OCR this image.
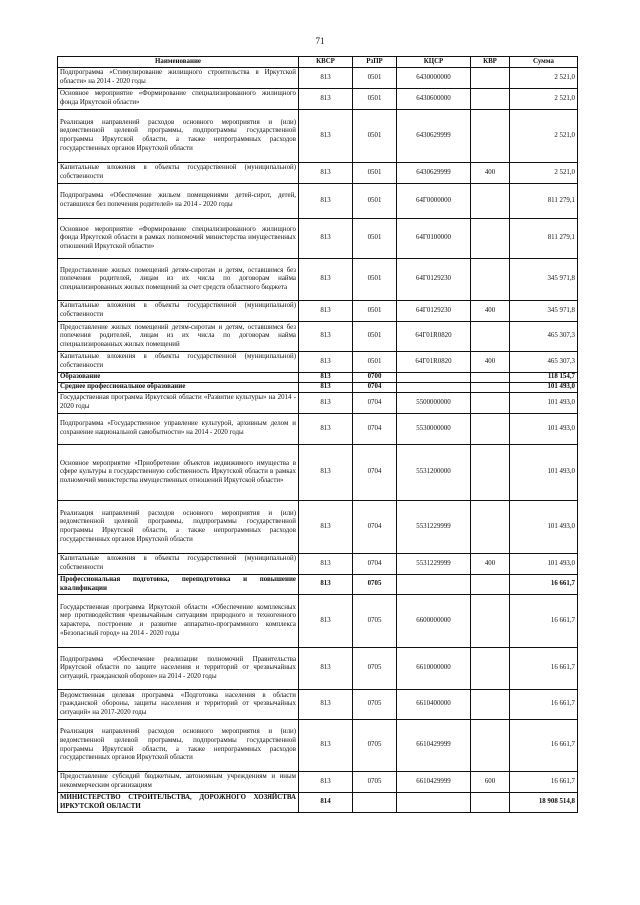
71
Наименование	КВСР	РзПР	КЦСР	КВР	Сумма
Подпрограмма «Стимулирование жилищного строительства в Иркутской области» на 2014 - 2020 годы	813	0501	6430000000		2 521,0
Основное мероприятие «Формирование специализированного жилищного фонда Иркутской области»	813	0501	6430600000		2 521,0
Реализация направлений расходов основного мероприятия и (или) ведомственной целевой программы, подпрограммы государственной программы Иркутской области, а также непрограммных расходов государственных органов Иркутской области	813	0501	6430629999		2 521,0
Капитальные вложения в объекты государственной (муниципальной) собственности	813	0501	6430629999	400	2 521,0
Подпрограмма «Обеспечение жильем помещениями детей-сирот, детей, оставшихся без попечения родителей» на 2014 - 2020 годы	813	0501	64Г0000000		811 279,1
Основное мероприятие «Формирование специализированного жилищного фонда Иркутской области в рамках полномочий министерства имущественных отношений Иркутской области»	813	0501	64Г0100000		811 279,1
Предоставление жилых помещений детям-сиротам и детям, оставшимся без попечения родителей, лицам из их числа по договорам найма специализированных жилых помещений за счет средств областного бюджета	813	0501	64Г0129230		345 971,8
Капитальные вложения в объекты государственной (муниципальной) собственности	813	0501	64Г0129230	400	345 971,8
Предоставление жилых помещений детям-сиротам и детям, оставшимся без попечения родителей, лицам из их числа по договорам найма специализированных жилых помещений	813	0501	64Г01R0820		465 307,3
Капитальные вложения в объекты государственной (муниципальной) собственности	813	0501	64Г01R0820	400	465 307,3
Образование	813	0700			118 154,7
Среднее профессиональное образование	813	0704			101 493,0
Государственная программа Иркутской области «Развитие культуры» на 2014 - 2020 годы	813	0704	5500000000		101 493,0
Подпрограмма «Государственное управление культурой, архивным делом и сохранение национальной самобытности» на 2014 - 2020 годы	813	0704	5530000000		101 493,0
Основное мероприятие «Приобретение объектов недвижимого имущества в сфере культуры в государственную собственность Иркутской области в рамках полномочий министерства имущественных отношений Иркутской области»	813	0704	5531200000		101 493,0
Реализация направлений расходов основного мероприятия и (или) ведомственной целевой программы, подпрограммы государственной программы Иркутской области, а также непрограммных расходов государственных органов Иркутской области	813	0704	5531229999		101 493,0
Капитальные вложения в объекты государственной (муниципальной) собственности	813	0704	5531229999	400	101 493,0
Профессиональная подготовка, переподготовка и повышение квалификации	813	0705			16 661,7
Государственная программа Иркутской области «Обеспечение комплексных мер противодействия чрезвычайным ситуациям природного и техногенного характера, построение и развитие аппаратно-программного комплекса «Безопасный город» на 2014 - 2020 годы	813	0705	6600000000		16 661,7
Подпрограмма «Обеспечение реализации полномочий Правительства Иркутской области по защите населения и территорий от чрезвычайных ситуаций, гражданской обороне» на 2014 - 2020 годы	813	0705	6610000000		16 661,7
Ведомственная целевая программа «Подготовка населения в области гражданской обороны, защиты населения и территорий от чрезвычайных ситуаций» на 2017-2020 годы	813	0705	6610400000		16 661,7
Реализация направлений расходов основного мероприятия и (или) ведомственной целевой программы, подпрограммы государственной программы Иркутской области, а также непрограммных расходов государственных органов Иркутской области	813	0705	6610429999		16 661,7
Предоставление субсидий бюджетным, автономным учреждениям и иным некоммерческим организациям	813	0705	6610429999	600	16 661,7
МИНИСТЕРСТВО СТРОИТЕЛЬСТВА, ДОРОЖНОГО ХОЗЯЙСТВА ИРКУТСКОЙ ОБЛАСТИ	814				18 908 514,8
